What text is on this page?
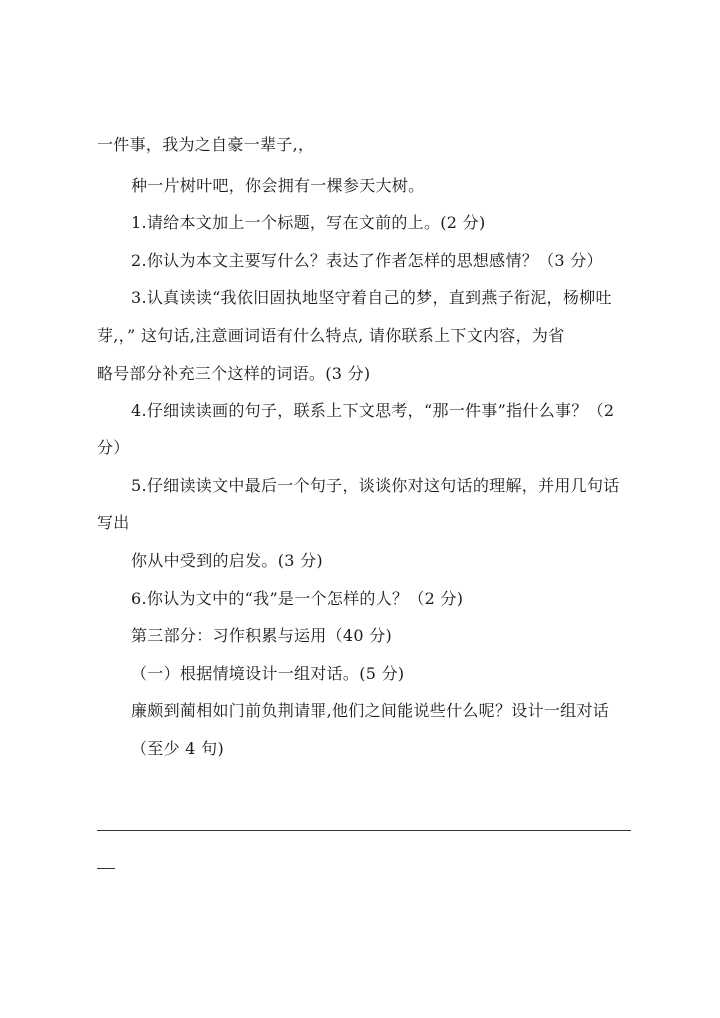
一件事，我为之自豪一辈子,，
种一片树叶吧，你会拥有一棵参天大树。
1.请给本文加上一个标题，写在文前的上。(2 分)
2.你认为本文主要写什么？表达了作者怎样的思想感情？（3 分）
3.认真读读“我依旧固执地坚守着自己的梦，直到燕子衔泥，杨柳吐
芽,，” 这句话,注意画词语有什么特点, 请你联系上下文内容，为省
略号部分补充三个这样的词语。(3 分)
4.仔细读读画的句子，联系上下文思考，“那一件事”指什么事？（2
分）
5.仔细读读文中最后一个句子，谈谈你对这句话的理解，并用几句话
写出
你从中受到的启发。(3 分)
6.你认为文中的“我”是一个怎样的人？（2 分)
第三部分：习作积累与运用（40 分)
（一）根据情境设计一组对话。(5 分)
廉颇到蔺相如门前负荆请罪,他们之间能说些什么呢？设计一组对话
（至少 4 句)
